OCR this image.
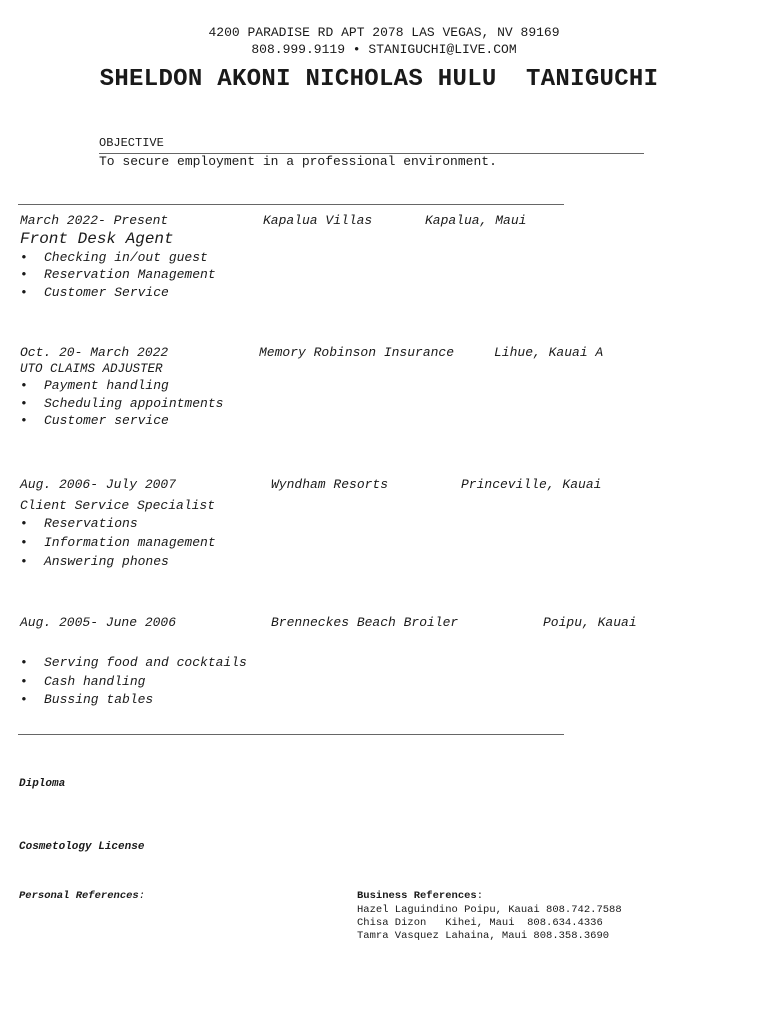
4200 PARADISE RD APT 2078 LAS VEGAS, NV 89169
808.999.9119 • STANIGUCHI@LIVE.COM
SHELDON AKONI NICHOLAS HULU  TANIGUCHI
OBJECTIVE
To secure employment in a professional environment.
March 2022- Present	Kapalua Villas	Kapalua, Maui
Front Desk Agent

• Checking in/out guest

• Reservation Management

• Customer Service

Oct. 20- March 2022	Memory Robinson Insurance	Lihue, Kauai A
UTO CLAIMS ADJUSTER

• Payment handling

• Scheduling appointments

• Customer service

Aug. 2006- July 2007	Wyndham Resorts	Princeville, Kauai
Client Service Specialist

• Reservations

• Information management

• Answering phones

Aug. 2005- June 2006	Brenneckes Beach Broiler	Poipu, Kauai

• Serving food and cocktails

• Cash handling

• Bussing tables

Diploma
Cosmetology License
Personal References:	Business References:
Hazel Laguindino Poipu, Kauai 808.742.7588
Chisa Dizon   Kihei, Maui  808.634.4336
Tamra Vasquez Lahaina, Maui 808.358.3690
